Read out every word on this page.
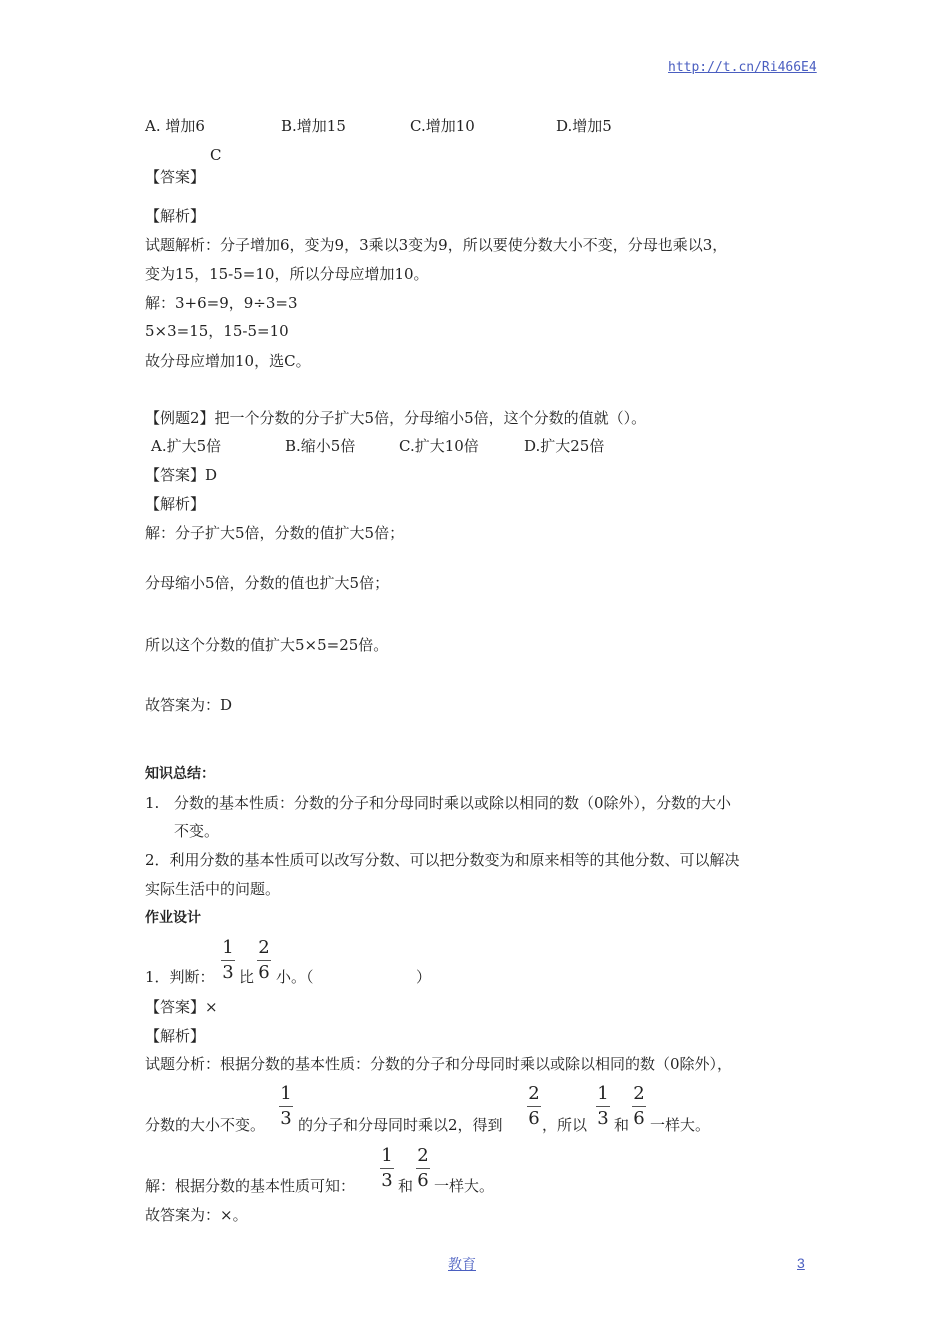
http://t.cn/Ri466E4
A. 增加6	B.增加15	C.增加10	D.增加5
C
【答案】
【解析】
试题解析：分子增加6，变为9，3乘以3变为9，所以要使分数大小不变，分母也乘以3，
变为15，15-5=10，所以分母应增加10。
解：3+6=9，9÷3=3
5×3=15，15-5=10
故分母应增加10，选C。
【例题2】把一个分数的分子扩大5倍，分母缩小5倍，这个分数的值就（）。
A.扩大5倍	B.缩小5倍	C.扩大10倍	D.扩大25倍
【答案】D
【解析】
解：分子扩大5倍，分数的值扩大5倍；
分母缩小5倍，分数的值也扩大5倍；
所以这个分数的值扩大5×5=25倍。
故答案为：D
知识总结：
1. 分数的基本性质：分数的分子和分母同时乘以或除以相同的数（0除外），分数的大小
不变。
2．利用分数的基本性质可以改写分数、可以把分数变为和原来相等的其他分数、可以解决
实际生活中的问题。
作业设计
1．判断：
1
3 比
2
6 小。（	）
【答案】×
【解析】
试题分析：根据分数的基本性质：分数的分子和分母同时乘以或除以相同的数（0除外），
分数的大小不变。
1
3 的分子和分母同时乘以2，得到
2
6 ，所以
1
3 和
2
6 一样大。
解：根据分数的基本性质可知：
1
3 和
2
6 一样大。
故答案为：×。
教育	3
